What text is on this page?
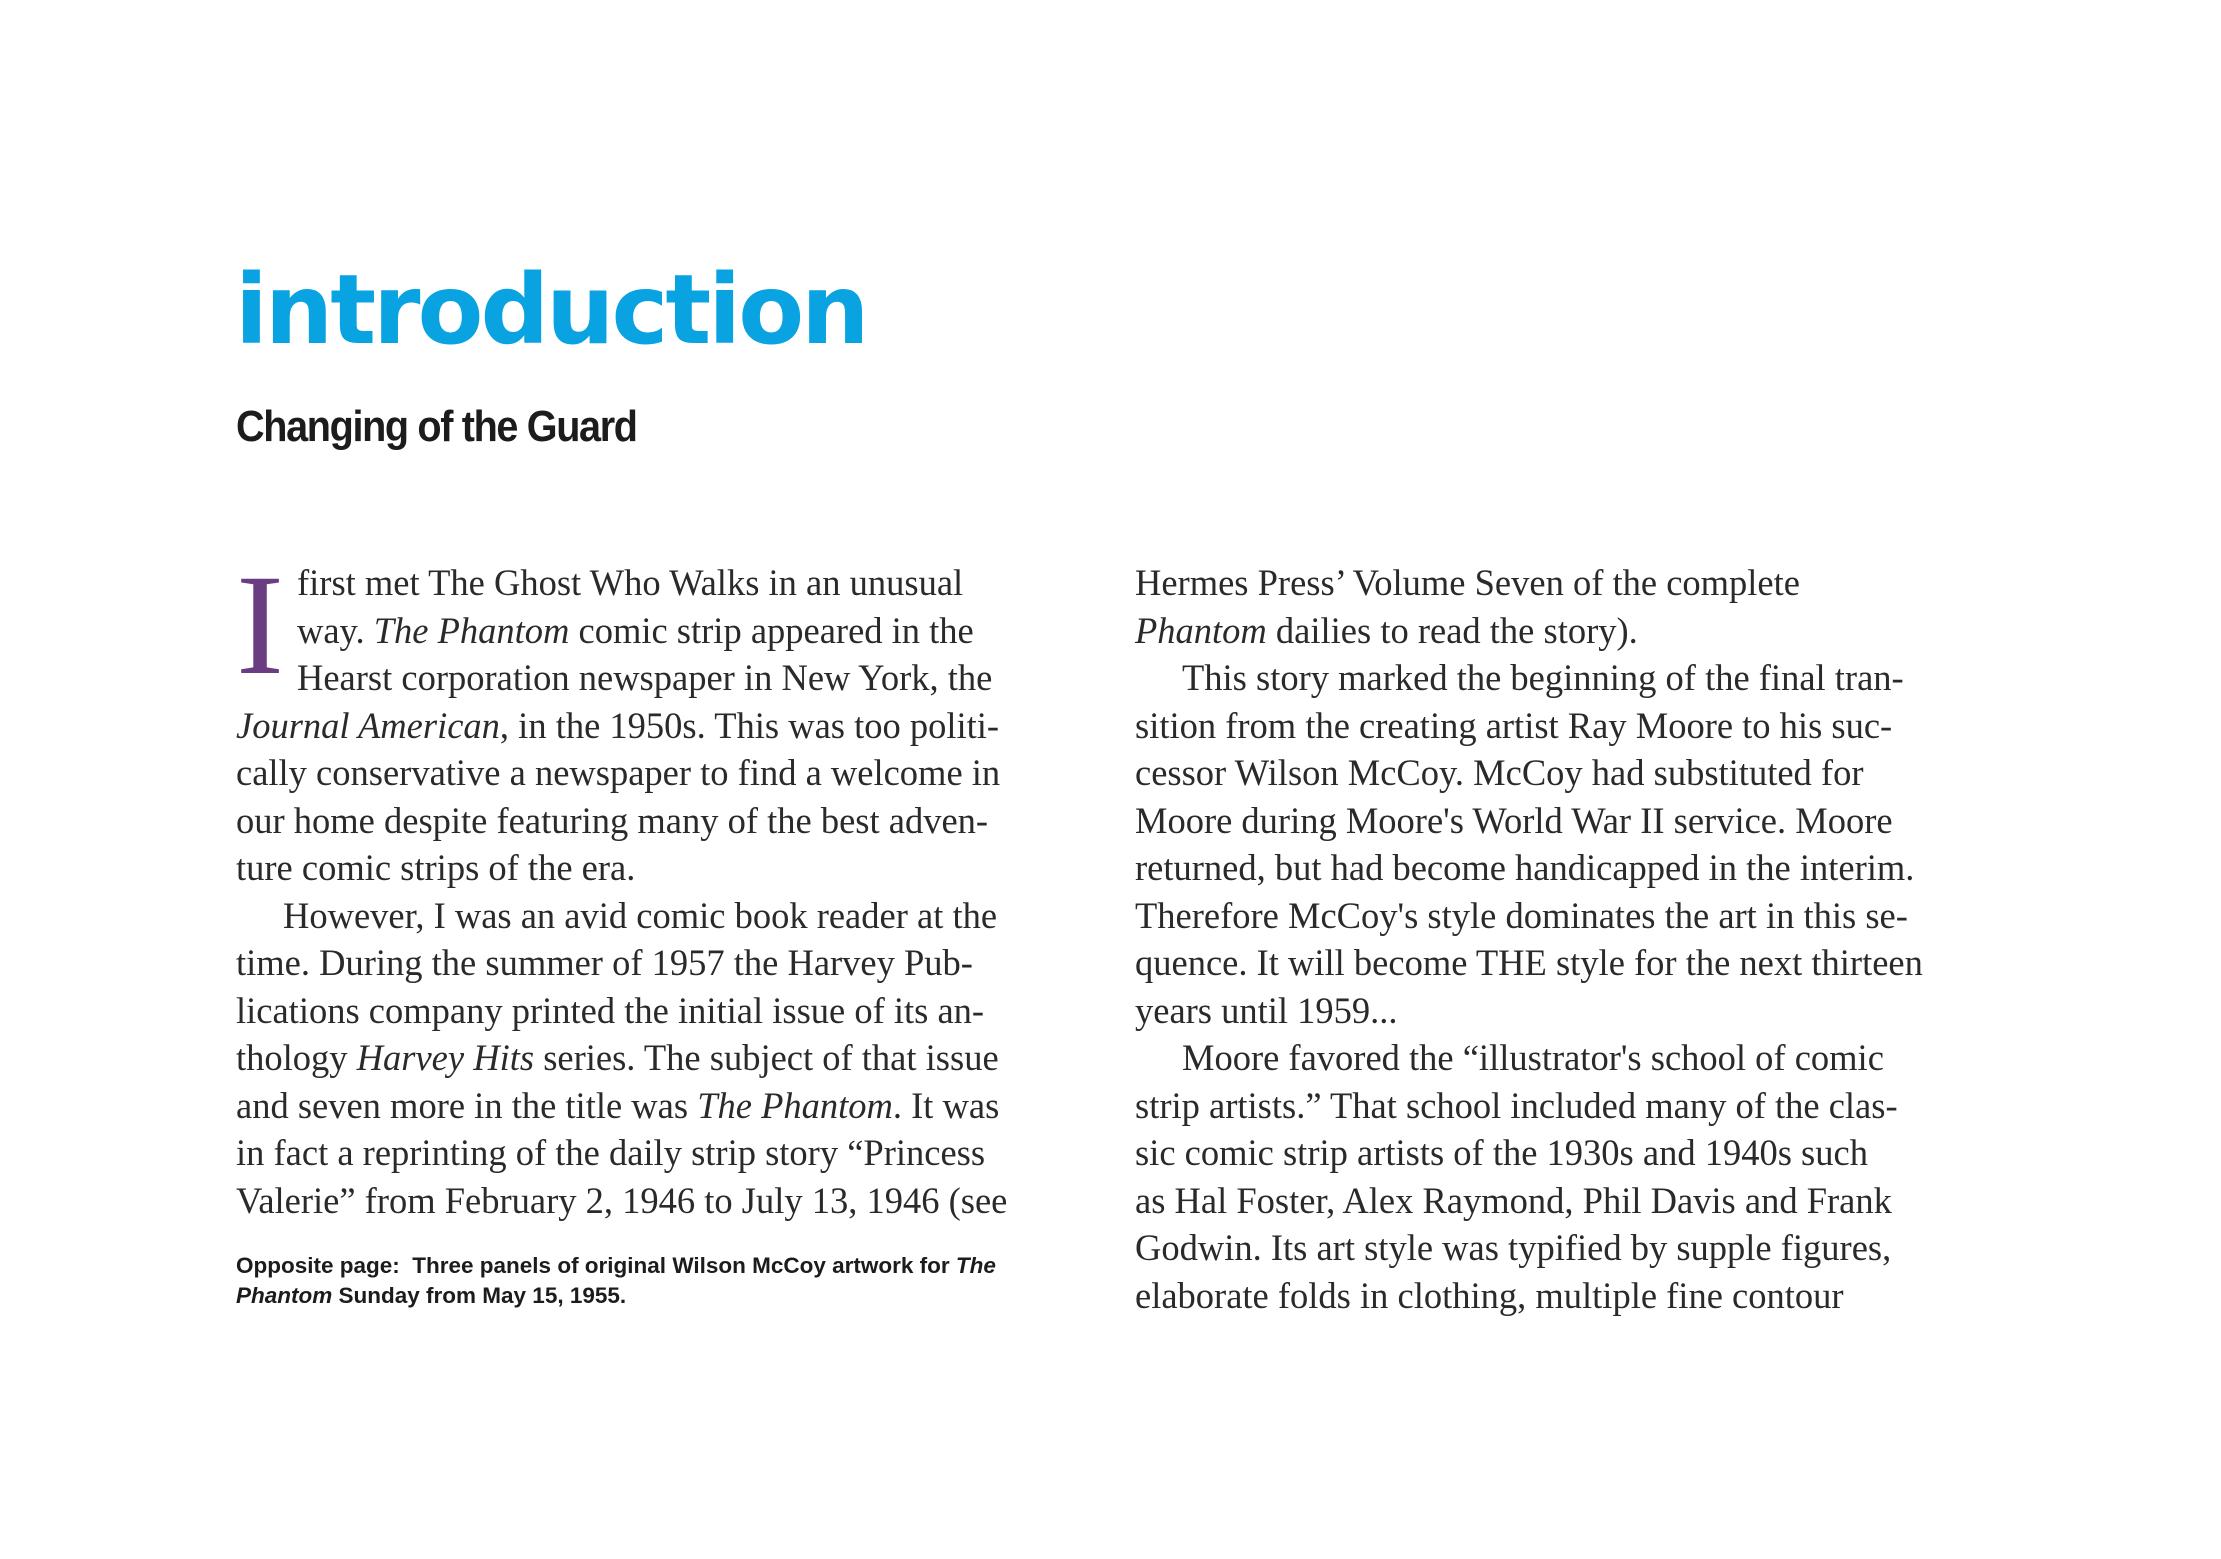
introduction
Changing of the Guard
I first met The Ghost Who Walks in an unusual
way. The Phantom comic strip appeared in the
Hearst corporation newspaper in New York, the
Journal American, in the 1950s. This was too politi-
cally conservative a newspaper to find a welcome in
our home despite featuring many of the best adven-
ture comic strips of the era.
However, I was an avid comic book reader at the
time. During the summer of 1957 the Harvey Pub-
lications company printed the initial issue of its an-
thology Harvey Hits series. The subject of that issue
and seven more in the title was The Phantom. It was
in fact a reprinting of the daily strip story “Princess
Valerie” from February 2, 1946 to July 13, 1946 (see
Opposite page:  Three panels of original Wilson McCoy artwork for The
Phantom Sunday from May 15, 1955.
Hermes Press’ Volume Seven of the complete
Phantom dailies to read the story).
This story marked the beginning of the final tran-
sition from the creating artist Ray Moore to his suc-
cessor Wilson McCoy. McCoy had substituted for
Moore during Moore's World War II service. Moore
returned, but had become handicapped in the interim.
Therefore McCoy's style dominates the art in this se-
quence. It will become THE style for the next thirteen
years until 1959...
Moore favored the “illustrator's school of comic
strip artists.” That school included many of the clas-
sic comic strip artists of the 1930s and 1940s such
as Hal Foster, Alex Raymond, Phil Davis and Frank
Godwin. Its art style was typified by supple figures,
elaborate folds in clothing, multiple fine contour
